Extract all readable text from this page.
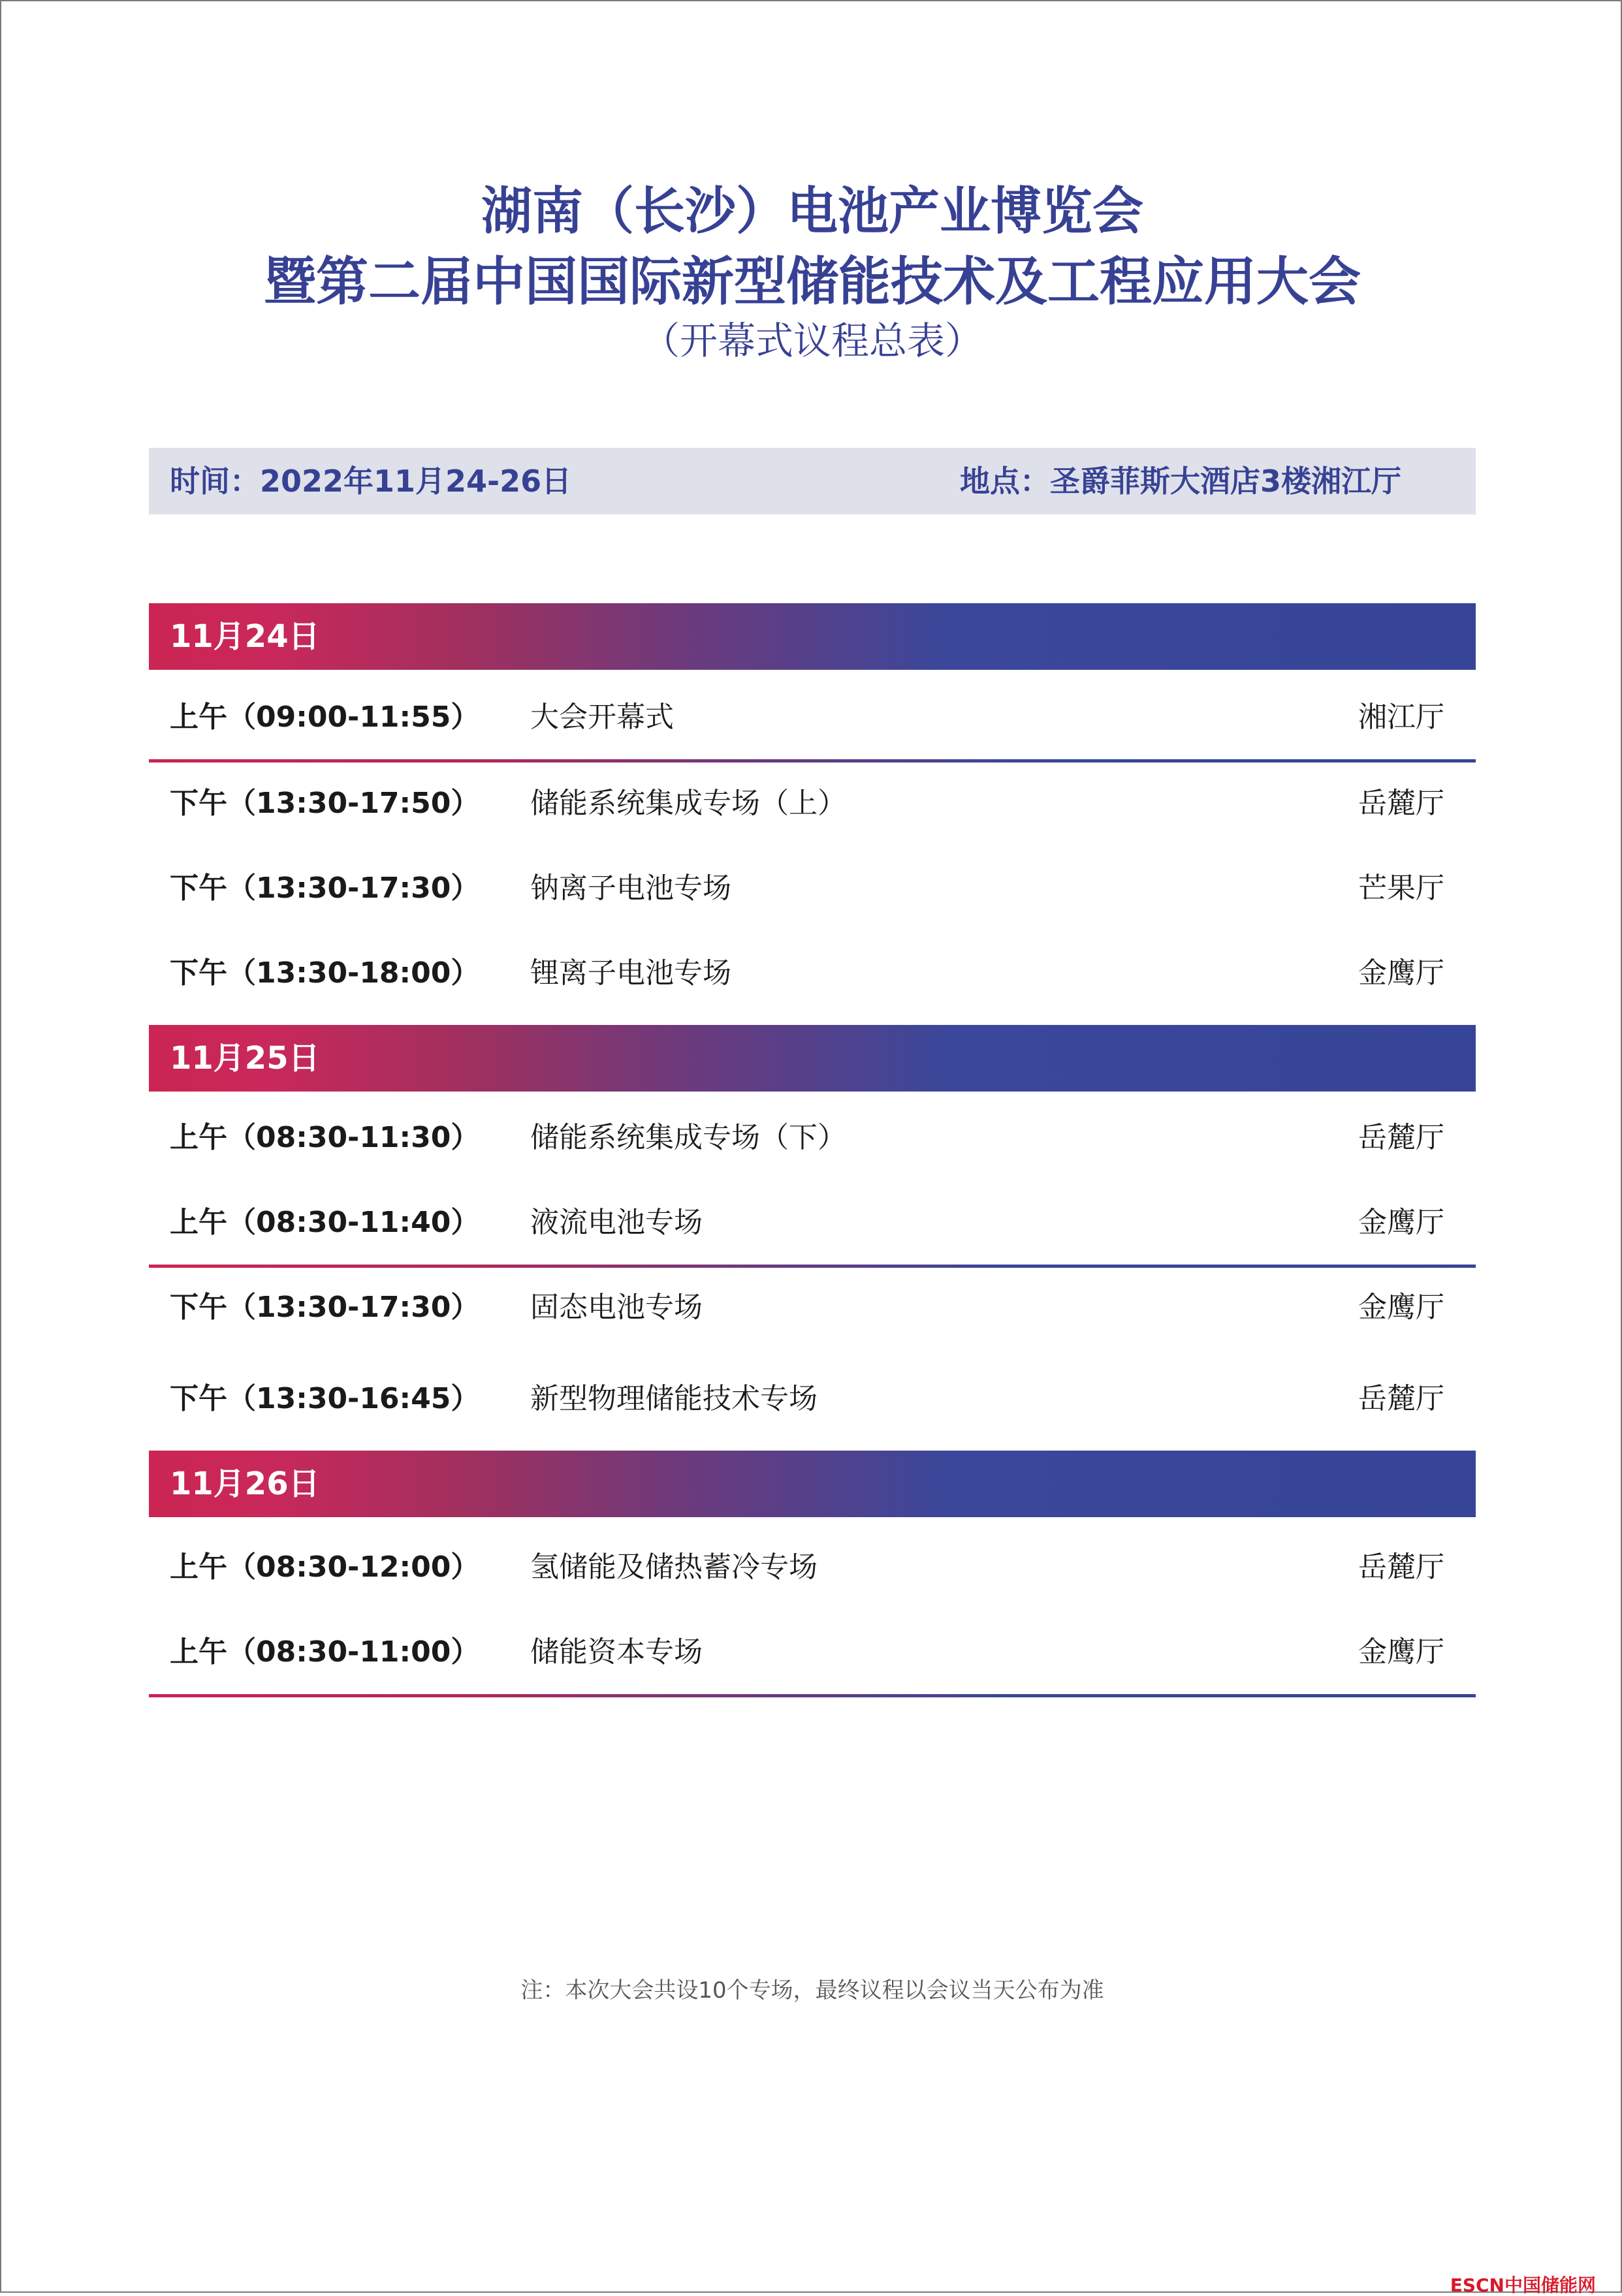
湖南（长沙）电池产业博览会
暨第二届中国国际新型储能技术及工程应用大会
（开幕式议程总表）
时间：2022年11月24-26日	地点：圣爵菲斯大酒店3楼湘江厅
11月24日
上午（09:00-11:55） 大会开幕式	湘江厅
下午（13:30-17:50） 储能系统集成专场（上）	岳麓厅
下午（13:30-17:30） 钠离子电池专场	芒果厅
下午（13:30-18:00） 锂离子电池专场	金鹰厅
11月25日
上午（08:30-11:30） 储能系统集成专场（下）	岳麓厅
上午（08:30-11:40） 液流电池专场	金鹰厅
下午（13:30-17:30） 固态电池专场	金鹰厅
下午（13:30-16:45） 新型物理储能技术专场	岳麓厅
11月26日
上午（08:30-12:00） 氢储能及储热蓄冷专场	岳麓厅
上午（08:30-11:00） 储能资本专场	金鹰厅
注：本次大会共设10个专场，最终议程以会议当天公布为准
ESCN中国储能网
